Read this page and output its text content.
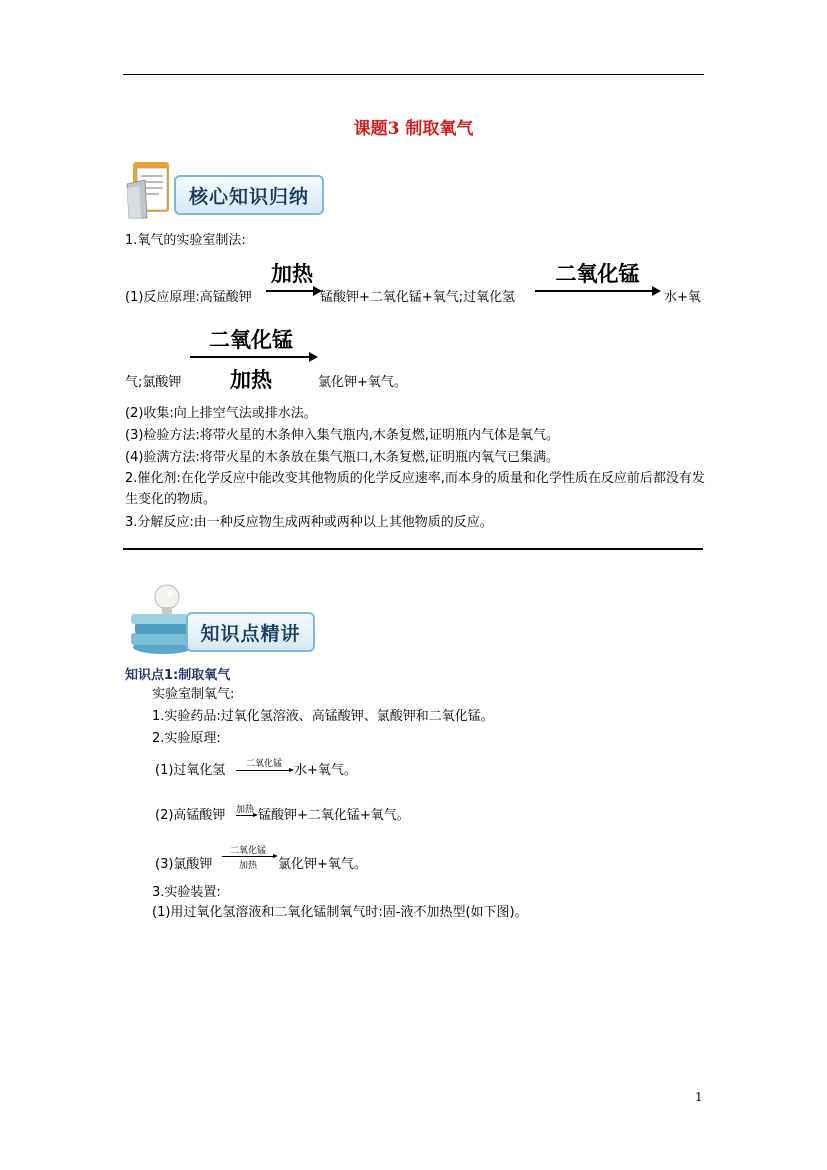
课题3 制取氧气
核心知识归纳
1.氧气的实验室制法:
(1)反应原理:高锰酸钾
加热
→ 锰酸钾+二氧化锰+氧气;过氧化氢
二氧化锰
水+氧
气;氯酸钾
二氧化锰
加热	氯化钾+氧气。
(2)收集:向上排空气法或排水法。
(3)检验方法:将带火星的木条伸入集气瓶内,木条复燃,证明瓶内气体是氧气。
(4)验满方法:将带火星的木条放在集气瓶口,木条复燃,证明瓶内氧气已集满。
2.催化剂:在化学反应中能改变其他物质的化学反应速率,而本身的质量和化学性质在反应前后都没有发生变化的物质。
3.分解反应:由一种反应物生成两种或两种以上其他物质的反应。
知识点精讲
知识点1:制取氧气
实验室制氧气:
1.实验药品:过氧化氢溶液、高锰酸钾、氯酸钾和二氧化锰。
2.实验原理:
(1)过氧化氢	二氧化锰 水+氧气。
(2)高锰酸钾 加热 锰酸钾+二氧化锰+氧气。
(3)氯酸钾
二氧化锰
加热	氯化钾+氧气。
3.实验装置:
(1)用过氧化氢溶液和二氧化锰制氧气时:固-液不加热型(如下图)。
1
